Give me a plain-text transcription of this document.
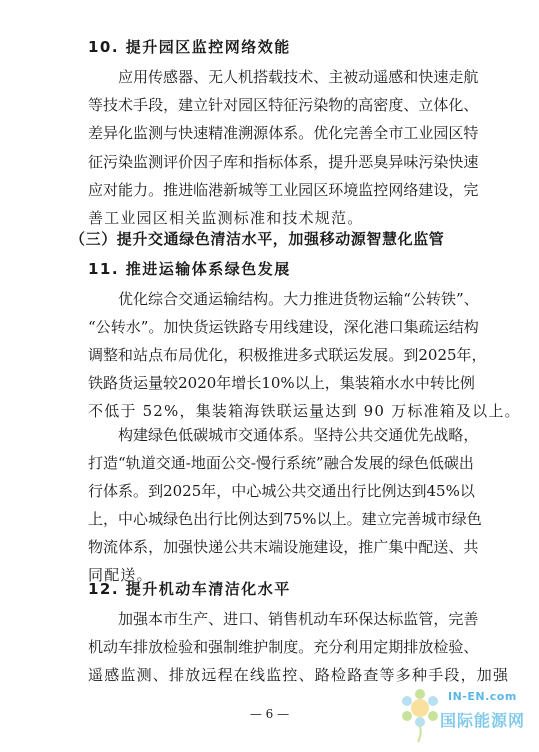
10. 提升园区监控网络效能
应 用 传 感 器 、 无 人 机 搭 载 技 术 、 主 被 动 遥 感 和 快 速 走 航
等 技 术 手 段 ， 建 立 针 对 园 区 特 征 污 染 物 的 高 密 度 、 立 体 化 、
差 异 化 监 测 与 快 速 精 准 溯 源 体 系 。 优 化 完 善 全 市 工 业 园 区 特
征 污 染 监 测 评 价 因 子 库 和 指 标 体 系 ， 提 升 恶 臭 异 味 污 染 快 速
应 对 能 力 。 推 进 临 港 新 城 等 工 业 园 区 环 境 监 控 网 络 建 设 ， 完
善工业园区相关监测标准和技术规范。
（三）提升交通绿色清洁水平，加强移动源智慧化监管
11. 推进运输体系绿色发展
优 化 综 合 交 通 运 输 结 构 。 大 力 推 进 货 物 运 输 “ 公 转 铁 ” 、
“ 公 转 水 ” 。 加 快 货 运 铁 路 专 用 线 建 设 ， 深 化 港 口 集 疏 运 结 构
调 整 和 站 点 布 局 优 化 ， 积 极 推 进 多 式 联 运 发 展 。 到 2 0 2 5 年 ，
铁 路 货 运 量 较 2 0 2 0 年 增 长 1 0 % 以 上 ， 集 装 箱 水 水 中 转 比 例
不低于 52%，集装箱海铁联运量达到 90 万标准箱及以上。
构 建 绿 色 低 碳 城 市 交 通 体 系 。 坚 持 公 共 交 通 优 先 战 略 ，
打 造 “ 轨 道 交 通 - 地 面 公 交 - 慢 行 系 统 ” 融 合 发 展 的 绿 色 低 碳 出
行 体 系 。 到 2 0 2 5 年 ， 中 心 城 公 共 交 通 出 行 比 例 达 到 4 5 % 以
上 ， 中 心 城 绿 色 出 行 比 例 达 到 7 5 % 以 上 。 建 立 完 善 城 市 绿 色
物 流 体 系 ， 加 强 快 递 公 共 末 端 设 施 建 设 ， 推 广 集 中 配 送 、 共
同配送。
12. 提升机动车清洁化水平
加 强 本 市 生 产 、 进 口 、 销 售 机 动 车 环 保 达 标 监 管 ， 完 善
机 动 车 排 放 检 验 和 强 制 维 护 制 度 。 充 分 利 用 定 期 排 放 检 验 、
遥感监测、排放远程在线监控、路检路查等多种手段，加强
— 6 —
IN-EN.com
国际能源网
